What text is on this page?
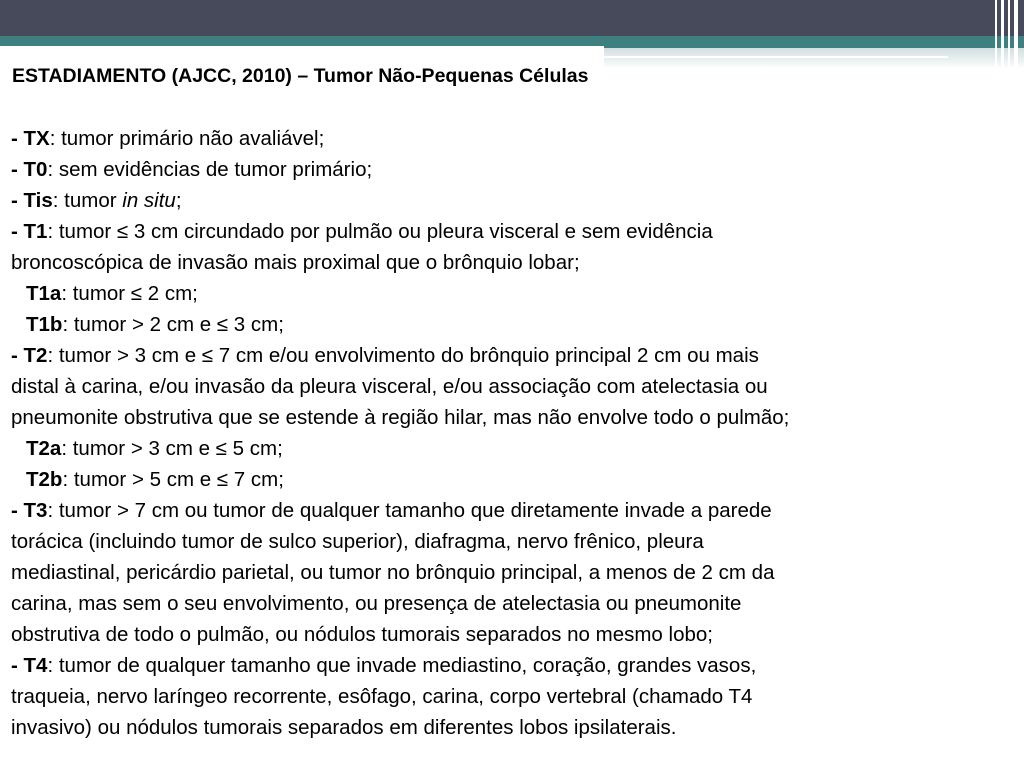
ESTADIAMENTO (AJCC, 2010) – Tumor Não-Pequenas Células
- TX: tumor primário não avaliável;
- T0: sem evidências de tumor primário;
- Tis: tumor in situ;
- T1: tumor ≤ 3 cm circundado por pulmão ou pleura visceral e sem evidência
broncoscópica de invasão mais proximal que o brônquio lobar;
T1a: tumor ≤ 2 cm;
T1b: tumor > 2 cm e ≤ 3 cm;
- T2: tumor > 3 cm e ≤ 7 cm e/ou envolvimento do brônquio principal 2 cm ou mais
distal à carina, e/ou invasão da pleura visceral, e/ou associação com atelectasia ou
pneumonite obstrutiva que se estende à região hilar, mas não envolve todo o pulmão;
T2a: tumor > 3 cm e ≤ 5 cm;
T2b: tumor > 5 cm e ≤ 7 cm;
- T3: tumor > 7 cm ou tumor de qualquer tamanho que diretamente invade a parede
torácica (incluindo tumor de sulco superior), diafragma, nervo frênico, pleura
mediastinal, pericárdio parietal, ou tumor no brônquio principal, a menos de 2 cm da
carina, mas sem o seu envolvimento, ou presença de atelectasia ou pneumonite
obstrutiva de todo o pulmão, ou nódulos tumorais separados no mesmo lobo;
- T4: tumor de qualquer tamanho que invade mediastino, coração, grandes vasos,
traqueia, nervo laríngeo recorrente, esôfago, carina, corpo vertebral (chamado T4
invasivo) ou nódulos tumorais separados em diferentes lobos ipsilaterais.
